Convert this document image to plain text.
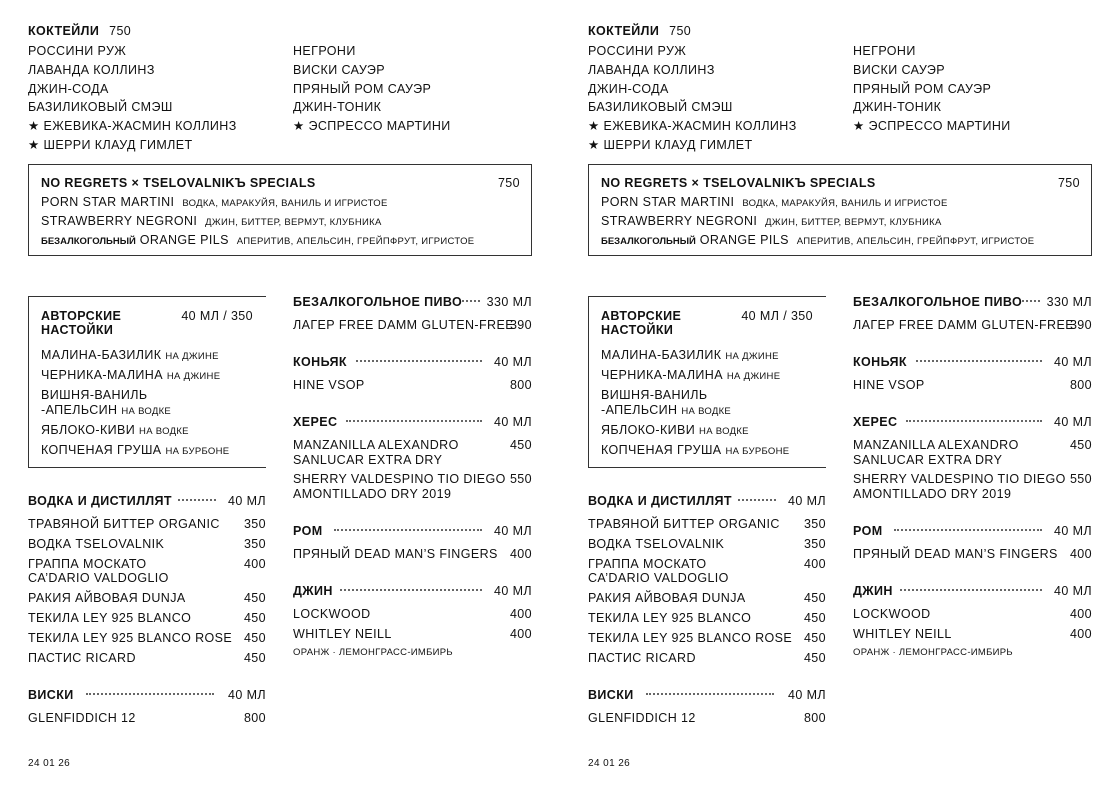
КОКТЕЙЛИ 750
РОССИНИ РУЖ
ЛАВАНДА КОЛЛИНЗ
ДЖИН-СОДА
БАЗИЛИКОВЫЙ СМЭШ
★ ЕЖЕВИКА-ЖАСМИН КОЛЛИНЗ
★ ШЕРРИ КЛАУД ГИМЛЕТ
НЕГРОНИ
ВИСКИ САУЭР
ПРЯНЫЙ РОМ САУЭР
ДЖИН-ТОНИК
★ ЭСПРЕССО МАРТИНИ
NO REGRETS × TSELOVALNIKЪ SPECIALS	750
PORN STAR MARTINI ВОДКА, МАРАКУЙЯ, ВАНИЛЬ И ИГРИСТОЕ
STRAWBERRY NEGRONI ДЖИН, БИТТЕР, ВЕРМУТ, КЛУБНИКА
БЕЗАЛКОГОЛЬНЫЙ ORANGE PILS АПЕРИТИВ, АПЕЛЬСИН, ГРЕЙПФРУТ, ИГРИСТОЕ
АВТОРСКИЕ
НАСТОЙКИ
40 МЛ / 350
МАЛИНА-БАЗИЛИК НА ДЖИНЕ
ЧЕРНИКА-МАЛИНА НА ДЖИНЕ
ВИШНЯ-ВАНИЛЬ
-АПЕЛЬСИН НА ВОДКЕ
ЯБЛОКО-КИВИ НА ВОДКЕ
КОПЧЕНАЯ ГРУША НА БУРБОНЕ
ВОДКА И ДИСТИЛЛЯТ	40 МЛ
ТРАВЯНОЙ БИТТЕР ORGANIC	350
ВОДКА TSELOVALNIK	350
ГРАППА МОСКАТО
CA’DARIO VALDOGLIO
400
РАКИЯ АЙВОВАЯ DUNJA	450
ТЕКИЛА LEY 925 BLANCO	450
ТЕКИЛА LEY 925 BLANCO ROSE 450
ПАСТИС RICARD	450
ВИСКИ	40 МЛ
GLENFIDDICH 12	800
БЕЗАЛКОГОЛЬНОЕ ПИВО	330 МЛ
ЛАГЕР FREE DAMM GLUTEN-FREE
390
КОНЬЯК	40 МЛ
HINE VSOP	800
ХЕРЕС	40 МЛ
MANZANILLA ALEXANDRO
SANLUCAR EXTRA DRY
450
SHERRY VALDESPINO TIO DIEGO
AMONTILLADO DRY 2019
550
РОМ	40 МЛ
ПРЯНЫЙ DEAD MAN’S FINGERS 400
ДЖИН	40 МЛ
LOCKWOOD	400
WHITLEY NEILL	400
ОРАНЖ · ЛЕМОНГРАСС-ИМБИРЬ
24 01 26
КОКТЕЙЛИ 750
РОССИНИ РУЖ
ЛАВАНДА КОЛЛИНЗ
ДЖИН-СОДА
БАЗИЛИКОВЫЙ СМЭШ
★ ЕЖЕВИКА-ЖАСМИН КОЛЛИНЗ
★ ШЕРРИ КЛАУД ГИМЛЕТ
НЕГРОНИ
ВИСКИ САУЭР
ПРЯНЫЙ РОМ САУЭР
ДЖИН-ТОНИК
★ ЭСПРЕССО МАРТИНИ
NO REGRETS × TSELOVALNIKЪ SPECIALS	750
PORN STAR MARTINI ВОДКА, МАРАКУЙЯ, ВАНИЛЬ И ИГРИСТОЕ
STRAWBERRY NEGRONI ДЖИН, БИТТЕР, ВЕРМУТ, КЛУБНИКА
БЕЗАЛКОГОЛЬНЫЙ ORANGE PILS АПЕРИТИВ, АПЕЛЬСИН, ГРЕЙПФРУТ, ИГРИСТОЕ
АВТОРСКИЕ
НАСТОЙКИ
40 МЛ / 350
МАЛИНА-БАЗИЛИК НА ДЖИНЕ
ЧЕРНИКА-МАЛИНА НА ДЖИНЕ
ВИШНЯ-ВАНИЛЬ
-АПЕЛЬСИН НА ВОДКЕ
ЯБЛОКО-КИВИ НА ВОДКЕ
КОПЧЕНАЯ ГРУША НА БУРБОНЕ
ВОДКА И ДИСТИЛЛЯТ	40 МЛ
ТРАВЯНОЙ БИТТЕР ORGANIC	350
ВОДКА TSELOVALNIK	350
ГРАППА МОСКАТО
CA’DARIO VALDOGLIO
400
РАКИЯ АЙВОВАЯ DUNJA	450
ТЕКИЛА LEY 925 BLANCO	450
ТЕКИЛА LEY 925 BLANCO ROSE 450
ПАСТИС RICARD	450
ВИСКИ	40 МЛ
GLENFIDDICH 12	800
БЕЗАЛКОГОЛЬНОЕ ПИВО	330 МЛ
ЛАГЕР FREE DAMM GLUTEN-FREE
390
КОНЬЯК	40 МЛ
HINE VSOP	800
ХЕРЕС	40 МЛ
MANZANILLA ALEXANDRO
SANLUCAR EXTRA DRY
450
SHERRY VALDESPINO TIO DIEGO
AMONTILLADO DRY 2019
550
РОМ	40 МЛ
ПРЯНЫЙ DEAD MAN’S FINGERS 400
ДЖИН	40 МЛ
LOCKWOOD	400
WHITLEY NEILL	400
ОРАНЖ · ЛЕМОНГРАСС-ИМБИРЬ
24 01 26
